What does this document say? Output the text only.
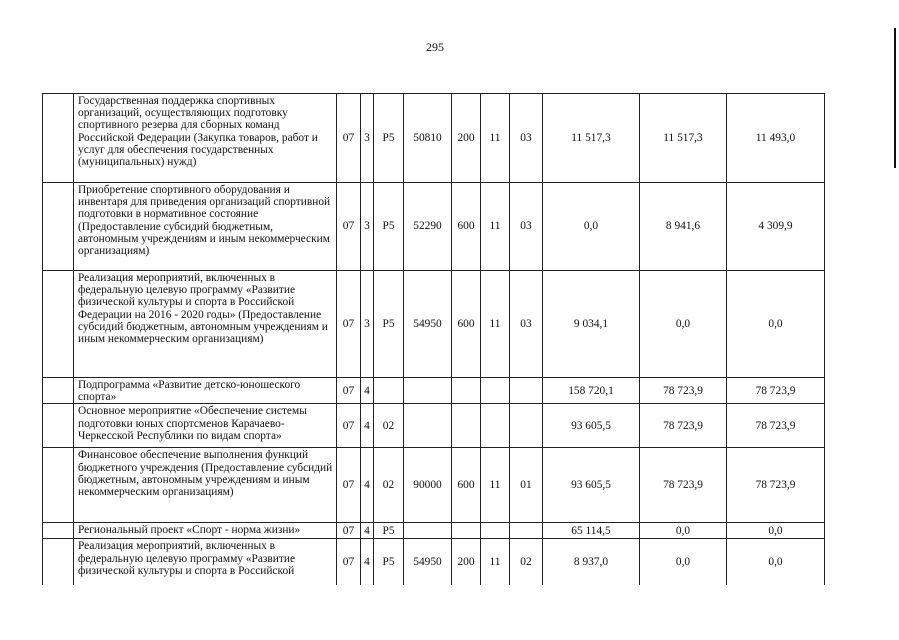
295
	Государственная поддержка спортивных организаций, осуществляющих подготовку спортивного резерва для сборных команд Российской Федерации (Закупка товаров, работ и услуг для обеспечения государственных (муниципальных) нужд)	07	3	P5	50810	200	11	03	11 517,3	11 517,3	11 493,0
	Приобретение спортивного оборудования и инвентаря для приведения организаций спортивной подготовки в нормативное состояние (Предоставление субсидий бюджетным, автономным учреждениям и иным некоммерческим организациям)	07	3	P5	52290	600	11	03	0,0	8 941,6	4 309,9
	Реализация мероприятий, включенных в федеральную целевую программу «Развитие физической культуры и спорта в Российской Федерации на 2016 - 2020 годы» (Предоставление субсидий бюджетным, автономным учреждениям и иным некоммерческим организациям)	07	3	P5	54950	600	11	03	9 034,1	0,0	0,0
	Подпрограмма «Развитие детско-юношеского спорта»	07	4						158 720,1	78 723,9	78 723,9
	Основное мероприятие «Обеспечение системы подготовки юных спортсменов Карачаево-Черкесской Республики по видам спорта»	07	4	02					93 605,5	78 723,9	78 723,9
	Финансовое обеспечение выполнения функций бюджетного учреждения (Предоставление субсидий бюджетным, автономным учреждениям и иным некоммерческим организациям)	07	4	02	90000	600	11	01	93 605,5	78 723,9	78 723,9
	Региональный проект «Спорт - норма жизни»	07	4	P5					65 114,5	0,0	0,0
	Реализация мероприятий, включенных в федеральную целевую программу «Развитие физической культуры и спорта в Российской	07	4	P5	54950	200	11	02	8 937,0	0,0	0,0
